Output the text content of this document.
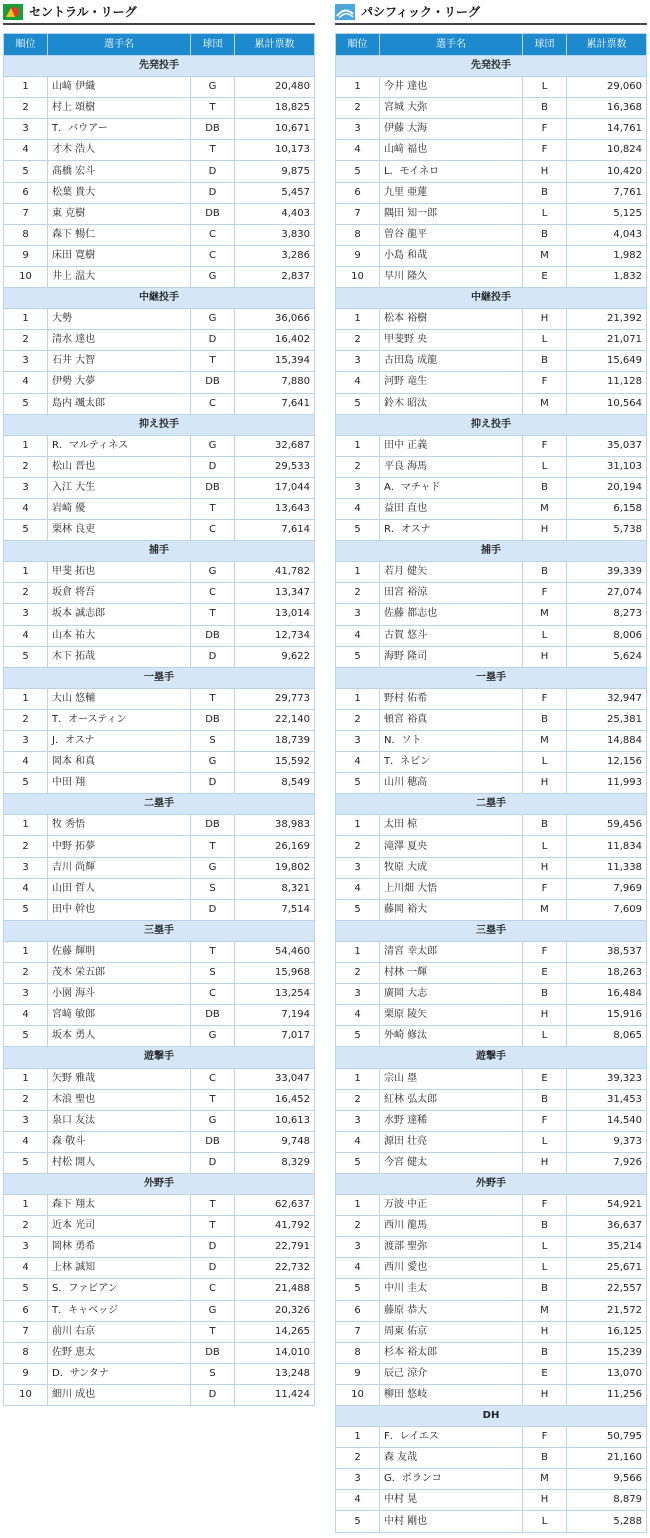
セントラル・リーグ
順位	選手名	球団	累計票数
先発投手			
1	山﨑 伊織	G	20,480
2	村上 頌樹	T	18,825
3	T．バウアー	DB	10,671
4	才木 浩人	T	10,173
5	髙橋 宏斗	D	9,875
6	松葉 貴大	D	5,457
7	東 克樹	DB	4,403
8	森下 暢仁	C	3,830
9	床田 寛樹	C	3,286
10	井上 温大	G	2,837
中継投手			
1	大勢	G	36,066
2	清水 達也	D	16,402
3	石井 大智	T	15,394
4	伊勢 大夢	DB	7,880
5	島内 颯太郎	C	7,641
抑え投手			
1	R．マルティネス	G	32,687
2	松山 晋也	D	29,533
3	入江 大生	DB	17,044
4	岩崎 優	T	13,643
5	栗林 良吏	C	7,614
捕手			
1	甲斐 拓也	G	41,782
2	坂倉 将吾	C	13,347
3	坂本 誠志郎	T	13,014
4	山本 祐大	DB	12,734
5	木下 拓哉	D	9,622
一塁手			
1	大山 悠輔	T	29,773
2	T．オースティン	DB	22,140
3	J．オスナ	S	18,739
4	岡本 和真	G	15,592
5	中田 翔	D	8,549
二塁手			
1	牧 秀悟	DB	38,983
2	中野 拓夢	T	26,169
3	吉川 尚輝	G	19,802
4	山田 哲人	S	8,321
5	田中 幹也	D	7,514
三塁手			
1	佐藤 輝明	T	54,460
2	茂木 栄五郎	S	15,968
3	小園 海斗	C	13,254
4	宮﨑 敏郎	DB	7,194
5	坂本 勇人	G	7,017
遊撃手			
1	矢野 雅哉	C	33,047
2	木浪 聖也	T	16,452
3	泉口 友汰	G	10,613
4	森 敬斗	DB	9,748
5	村松 開人	D	8,329
外野手			
1	森下 翔太	T	62,637
2	近本 光司	T	41,792
3	岡林 勇希	D	22,791
4	上林 誠知	D	22,732
5	S．ファビアン	C	21,488
6	T．キャベッジ	G	20,326
7	前川 右京	T	14,265
8	佐野 恵太	DB	14,010
9	D．サンタナ	S	13,248
10	細川 成也	D	11,424
パシフィック・リーグ
順位	選手名	球団	累計票数
先発投手			
1	今井 達也	L	29,060
2	宮城 大弥	B	16,368
3	伊藤 大海	F	14,761
4	山﨑 福也	F	10,824
5	L．モイネロ	H	10,420
6	九里 亜蓮	B	7,761
7	隅田 知一郎	L	5,125
8	曽谷 龍平	B	4,043
9	小島 和哉	M	1,982
10	早川 隆久	E	1,832
中継投手			
1	松本 裕樹	H	21,392
2	甲斐野 央	L	21,071
3	古田島 成龍	B	15,649
4	河野 竜生	F	11,128
5	鈴木 昭汰	M	10,564
抑え投手			
1	田中 正義	F	35,037
2	平良 海馬	L	31,103
3	A．マチャド	B	20,194
4	益田 直也	M	6,158
5	R．オスナ	H	5,738
捕手			
1	若月 健矢	B	39,339
2	田宮 裕涼	F	27,074
3	佐藤 都志也	M	8,273
4	古賀 悠斗	L	8,006
5	海野 隆司	H	5,624
一塁手			
1	野村 佑希	F	32,947
2	頓宮 裕真	B	25,381
3	N．ソト	M	14,884
4	T．ネビン	L	12,156
5	山川 穂高	H	11,993
二塁手			
1	太田 椋	B	59,456
2	滝澤 夏央	L	11,834
3	牧原 大成	H	11,338
4	上川畑 大悟	F	7,969
5	藤岡 裕大	M	7,609
三塁手			
1	清宮 幸太郎	F	38,537
2	村林 一輝	E	18,263
3	廣岡 大志	B	16,484
4	栗原 陵矢	H	15,916
5	外崎 修汰	L	8,065
遊撃手			
1	宗山 塁	E	39,323
2	紅林 弘太郎	B	31,453
3	水野 達稀	F	14,540
4	源田 壮亮	L	9,373
5	今宮 健太	H	7,926
外野手			
1	万波 中正	F	54,921
2	西川 龍馬	B	36,637
3	渡部 聖弥	L	35,214
4	西川 愛也	L	25,671
5	中川 圭太	B	22,557
6	藤原 恭大	M	21,572
7	周東 佑京	H	16,125
8	杉本 裕太郎	B	15,239
9	辰己 涼介	E	13,070
10	柳田 悠岐	H	11,256
DH			
1	F．レイエス	F	50,795
2	森 友哉	B	21,160
3	G．ポランコ	M	9,566
4	中村 晃	H	8,879
5	中村 剛也	L	5,288
